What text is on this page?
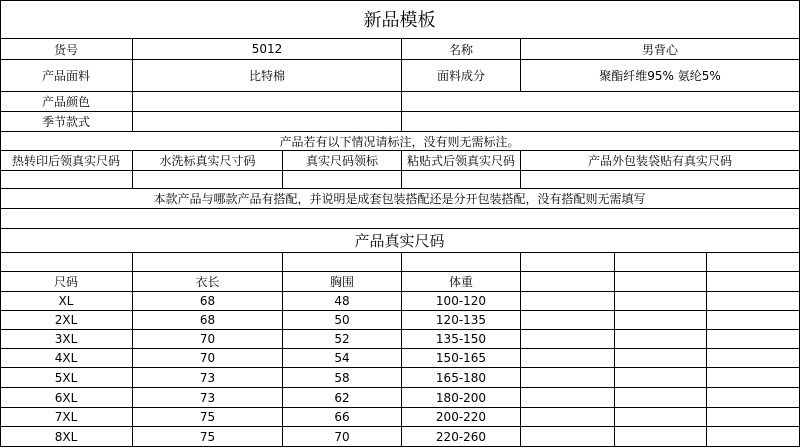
新品模板
货号	5012	名称	男背心
产品面料	比特棉	面料成分	聚酯纤维95% 氨纶5%
产品颜色
季节款式
产品若有以下情况请标注，没有则无需标注。
热转印后领真实尺码	水洗标真实尺寸码	真实尺码领标	粘贴式后领真实尺码	产品外包装袋贴有真实尺码
本款产品与哪款产品有搭配，并说明是成套包装搭配还是分开包装搭配，没有搭配则无需填写
产品真实尺码
尺码	衣长	胸围	体重
XL	68	48	100-120
2XL	68	50	120-135
3XL	70	52	135-150
4XL	70	54	150-165
5XL	73	58	165-180
6XL	73	62	180-200
7XL	75	66	200-220
8XL	75	70	220-260
